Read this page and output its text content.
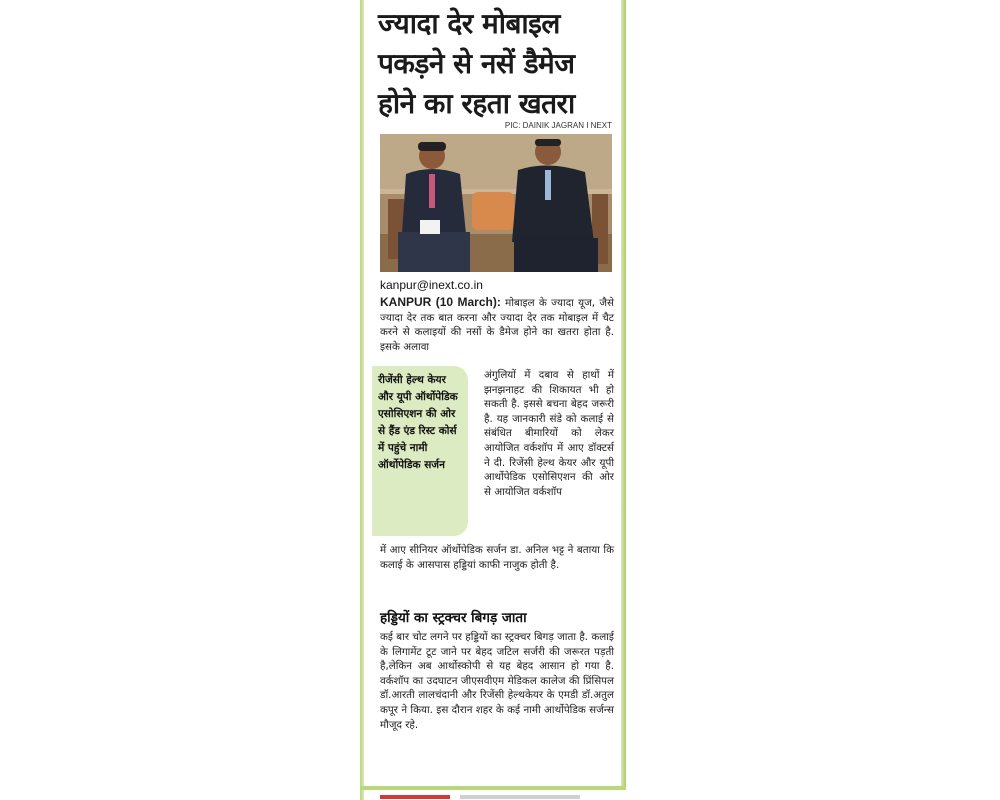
ज्यादा देर मोबाइल पकड़ने से नसें डैमेज होने का रहता खतरा
PIC: DAINIK JAGRAN I NEXT
kanpur@inext.co.in

KANPUR (10 March): मोबाइल के ज्यादा यूज, जैसे ज्यादा देर तक बात करना और ज्यादा देर तक मोबाइल में चैट करने से कलाइयों की नसों के डैमेज होने का खतरा होता है. इसके अलावा

रीजेंसी हेल्थ केयर और यूपी ऑर्थोपेडिक एसोसिएशन की ओर से हैंड एंड रिस्ट कोर्स में पहुंचे नामी ऑर्थोपेडिक सर्जन

अंगुलियों में दबाव से हाथों में झनझनाहट की शिकायत भी हो सकती है. इससे बचना बेहद जरूरी है. यह जानकारी संडे को कलाई से संबंधित बीमारियों को लेकर आयोजित वर्कशॉप में आए डॉक्टर्स ने दी. रिजेंसी हेल्थ केयर और यूपी आर्थोपेडिक एसोसिएशन की ओर से आयोजित वर्कशॉप

में आए सीनियर ऑर्थोपेडिक सर्जन डा. अनिल भट्ट ने बताया कि कलाई के आसपास हड्डियां काफी नाजुक होती है.

हड्डियों का स्ट्रक्चर बिगड़ जाता

कई बार चोट लगने पर हड्डियों का स्ट्रक्चर बिगड़ जाता है. कलाई के लिगामेंट टूट जाने पर बेहद जटिल सर्जरी की जरूरत पड़ती है,लेकिन अब आर्थोस्कोपी से यह बेहद आसान हो गया है. वर्कशॉप का उदघाटन जीएसवीएम मेडिकल कालेज की प्रिंसिपल डॉ.आरती लालचंदानी और रिजेंसी हेल्थकेयर के एमडी डॉ.अतुल कपूर ने किया. इस दौरान शहर के कई नामी आर्थोपेडिक सर्जन्स मौजूद रहे.
